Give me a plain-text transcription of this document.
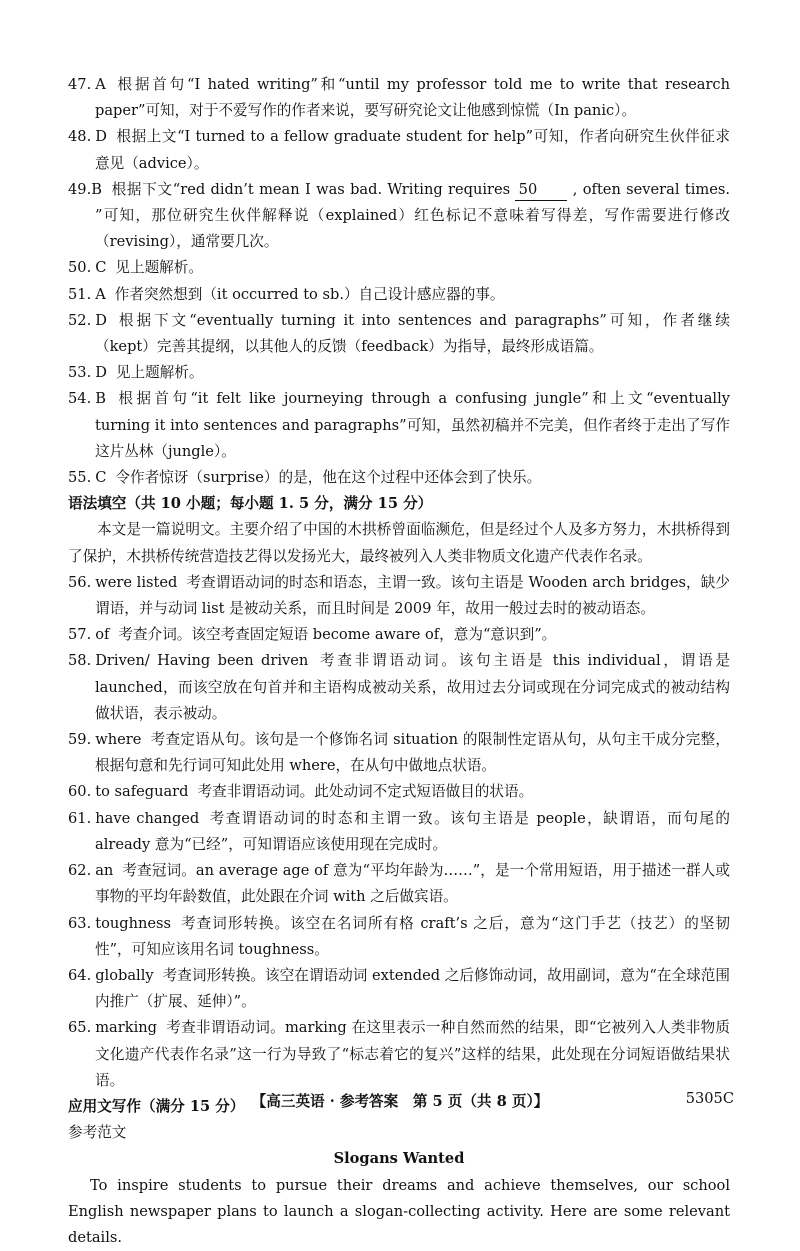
47. A 根据首句“I hated writing”和“until my professor told me to write that research paper”可知，对于不爱写作的作者来说，要写研究论文让他感到惊慌（In panic）。

48. D 根据上文“I turned to a fellow graduate student for help”可知，作者向研究生伙伴征求意见（advice）。

49.B 根据下文“red didn’t mean I was bad. Writing requires 50 , often several times. ”可知，那位研究生伙伴解释说（explained）红色标记不意味着写得差，写作需要进行修改（revising），通常要几次。

50. C 见上题解析。

51. A 作者突然想到（it occurred to sb.）自己设计感应器的事。

52. D 根据下文“eventually turning it into sentences and paragraphs”可知，作者继续（kept）完善其提纲，以其他人的反馈（feedback）为指导，最终形成语篇。

53. D 见上题解析。

54. B 根据首句“it felt like journeying through a confusing jungle”和上文“eventually turning it into sentences and paragraphs”可知，虽然初稿并不完美，但作者终于走出了写作这片丛林（jungle）。

55. C 令作者惊讶（surprise）的是，他在这个过程中还体会到了快乐。

语法填空（共 10 小题；每小题 1. 5 分，满分 15 分）

本文是一篇说明文。主要介绍了中国的木拱桥曾面临濒危，但是经过个人及多方努力，木拱桥得到了保护，木拱桥传统营造技艺得以发扬光大，最终被列入人类非物质文化遗产代表作名录。

56. were listed 考查谓语动词的时态和语态，主谓一致。该句主语是 Wooden arch bridges，缺少谓语，并与动词 list 是被动关系，而且时间是 2009 年，故用一般过去时的被动语态。

57. of 考查介词。该空考查固定短语 become aware of，意为“意识到”。

58. Driven/ Having been driven 考查非谓语动词。该句主语是 this individual，谓语是 launched，而该空放在句首并和主语构成被动关系，故用过去分词或现在分词完成式的被动结构做状语，表示被动。

59. where 考查定语从句。该句是一个修饰名词 situation 的限制性定语从句，从句主干成分完整，根据句意和先行词可知此处用 where，在从句中做地点状语。

60. to safeguard 考查非谓语动词。此处动词不定式短语做目的状语。

61. have changed 考查谓语动词的时态和主谓一致。该句主语是 people，缺谓语，而句尾的 already 意为“已经”，可知谓语应该使用现在完成时。

62. an 考查冠词。an average age of 意为“平均年龄为……”，是一个常用短语，用于描述一群人或事物的平均年龄数值，此处跟在介词 with 之后做宾语。

63. toughness 考查词形转换。该空在名词所有格 craft’s 之后，意为“这门手艺（技艺）的坚韧性”，可知应该用名词 toughness。

64. globally 考查词形转换。该空在谓语动词 extended 之后修饰动词，故用副词，意为“在全球范围内推广（扩展、延伸）”。

65. marking 考查非谓语动词。marking 在这里表示一种自然而然的结果，即“它被列入人类非物质文化遗产代表作名录”这一行为导致了“标志着它的复兴”这样的结果，此处现在分词短语做结果状语。

应用文写作（满分 15 分）

参考范文

Slogans Wanted

To inspire students to pursue their dreams and achieve themselves, our school English newspaper plans to launch a slogan-collecting activity. Here are some relevant details.

【高三英语 · 参考答案　第 5 页（共 8 页）】	5305C
